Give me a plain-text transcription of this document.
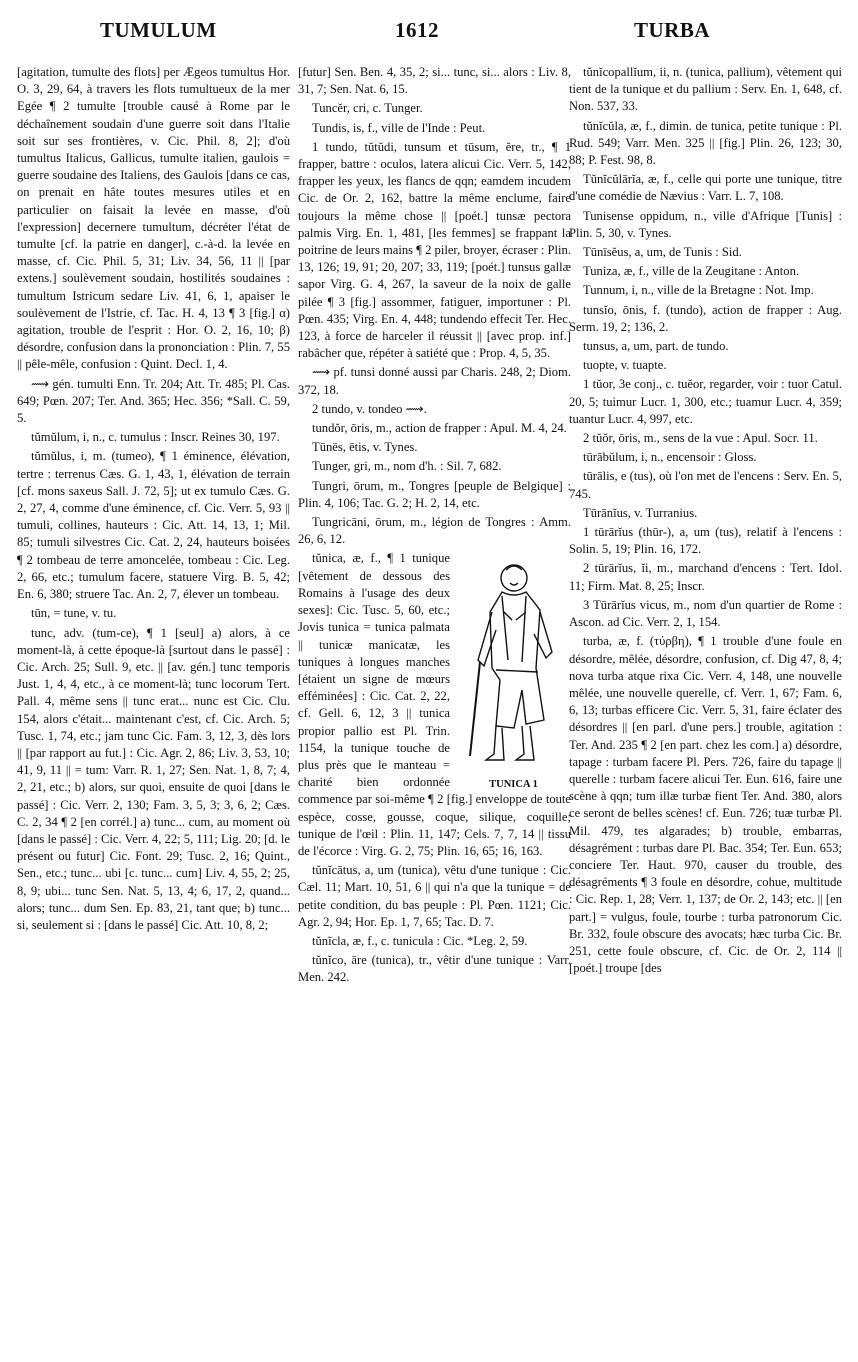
TUMULUM	1612	TURBA

[agitation, tumulte des flots] per Ægeos tumultus Hor. O. 3, 29, 64, à travers les flots tumultueux de la mer Egée ¶ 2 tumulte [trouble causé à Rome par le déchaînement soudain d'une guerre soit dans l'Italie soit sur ses frontières, v. Cic. Phil. 8, 2]; d'où tumultus Italicus, Gallicus, tumulte italien, gaulois = guerre soudaine des Italiens, des Gaulois [dans ce cas, on prenait en hâte toutes mesures utiles et en particulier on faisait la levée en masse, d'où l'expression] decernere tumultum, décréter l'état de tumulte [cf. la patrie en danger], c.-à-d. la levée en masse, cf. Cic. Phil. 5, 31; Liv. 34, 56, 11 || [par extens.] soulèvement soudain, hostilités soudaines : tumultum Istricum sedare Liv. 41, 6, 1, apaiser le soulèvement de l'Istrie, cf. Tac. H. 4, 13 ¶ 3 [fig.] α) agitation, trouble de l'esprit : Hor. O. 2, 16, 10; β) désordre, confusion dans la prononciation : Plin. 7, 55 || pêle-mêle, confusion : Quint. Decl. 1, 4.

⟿ gén. tumulti Enn. Tr. 204; Att. Tr. 485; Pl. Cas. 649; Pœn. 207; Ter. And. 365; Hec. 356; *Sall. C. 59, 5.

tŭmŭlum, i, n., c. tumulus : Inscr. Reines 30, 197.

tŭmŭlus, i, m. (tumeo), ¶ 1 éminence, élévation, tertre : terrenus Cæs. G. 1, 43, 1, élévation de terrain [cf. mons saxeus Sall. J. 72, 5]; ut ex tumulo Cæs. G. 2, 27, 4, comme d'une éminence, cf. Cic. Verr. 5, 93 || tumuli, collines, hauteurs : Cic. Att. 14, 13, 1; Mil. 85; tumuli silvestres Cic. Cat. 2, 24, hauteurs boisées ¶ 2 tombeau de terre amoncelée, tombeau : Cic. Leg. 2, 66, etc.; tumulum facere, statuere Virg. B. 5, 42; En. 6, 380; struere Tac. An. 2, 7, élever un tombeau.

tūn, = tune, v. tu.

tunc, adv. (tum-ce), ¶ 1 [seul] a) alors, à ce moment-là, à cette époque-là [surtout dans le passé] : Cic. Arch. 25; Sull. 9, etc. || [av. gén.] tunc temporis Just. 1, 4, 4, etc., à ce moment-là; tunc locorum Tert. Pall. 4, même sens || tunc erat... nunc est Cic. Clu. 154, alors c'était... maintenant c'est, cf. Cic. Arch. 5; Tusc. 1, 74, etc.; jam tunc Cic. Fam. 3, 12, 3, dès lors || [par rapport au fut.] : Cic. Agr. 2, 86; Liv. 3, 53, 10; 41, 9, 11 || = tum: Varr. R. 1, 27; Sen. Nat. 1, 8, 7; 4, 2, 21, etc.; b) alors, sur quoi, ensuite de quoi [dans le passé] : Cic. Verr. 2, 130; Fam. 3, 5, 3; 3, 6, 2; Cæs. C. 2, 34 ¶ 2 [en corrél.] a) tunc... cum, au moment où [dans le passé] : Cic. Verr. 4, 22; 5, 111; Lig. 20; [d. le présent ou futur] Cic. Font. 29; Tusc. 2, 16; Quint., Sen., etc.; tunc... ubi [c. tunc... cum] Liv. 4, 55, 2; 25, 8, 9; ubi... tunc Sen. Nat. 5, 13, 4; 6, 17, 2, quand... alors; tunc... dum Sen. Ep. 83, 21, tant que; b) tunc... si, seulement si : [dans le passé] Cic. Att. 10, 8, 2;

[futur] Sen. Ben. 4, 35, 2; si... tunc, si... alors : Liv. 8, 31, 7; Sen. Nat. 6, 15.

Tuncĕr, cri, c. Tunger.

Tundis, is, f., ville de l'Inde : Peut.

1 tundo, tŭtŭdi, tunsum et tūsum, ĕre, tr., ¶ 1 frapper, battre : oculos, latera alicui Cic. Verr. 5, 142, frapper les yeux, les flancs de qqn; eamdem incudem Cic. de Or. 2, 162, battre la même enclume, faire toujours la même chose || [poét.] tunsæ pectora palmis Virg. En. 1, 481, [les femmes] se frappant la poitrine de leurs mains ¶ 2 piler, broyer, écraser : Plin. 13, 126; 19, 91; 20, 207; 33, 119; [poét.] tunsus gallæ sapor Virg. G. 4, 267, la saveur de la noix de galle pilée ¶ 3 [fig.] assommer, fatiguer, importuner : Pl. Pœn. 435; Virg. En. 4, 448; tundendo effecit Ter. Hec. 123, à force de harceler il réussit || [avec prop. inf.] rabâcher que, répéter à satiété que : Prop. 4, 5, 35.

⟿ pf. tunsi donné aussi par Charis. 248, 2; Diom. 372, 18.

2 tundo, v. tondeo ⟿.

tundŏr, ōris, m., action de frapper : Apul. M. 4, 24.

Tūnēs, ētis, v. Tynes.

Tunger, gri, m., nom d'h. : Sil. 7, 682.

Tungri, ōrum, m., Tongres [peuple de Belgique] : Plin. 4, 106; Tac. G. 2; H. 2, 14, etc.

Tungricāni, ōrum, m., légion de Tongres : Amm. 26, 6, 12.

TUNICA 1

tŭnica, æ, f., ¶ 1 tunique [vêtement de dessous des Romains à l'usage des deux sexes]: Cic. Tusc. 5, 60, etc.; Jovis tunica = tunica palmata || tunicæ manicatæ, les tuniques à longues manches [étaient un signe de mœurs efféminées] : Cic. Cat. 2, 22, cf. Gell. 6, 12, 3 || tunica propior pallio est Pl. Trin. 1154, la tunique touche de plus près que le manteau = charité bien ordonnée commence par soi-même ¶ 2 [fig.] enveloppe de toute espèce, cosse, gousse, coque, silique, coquille; tunique de l'œil : Plin. 11, 147; Cels. 7, 7, 14 || tissu de l'écorce : Virg. G. 2, 75; Plin. 16, 65; 16, 163.

tŭnĭcātus, a, um (tunica), vêtu d'une tunique : Cic. Cæl. 11; Mart. 10, 51, 6 || qui n'a que la tunique = de petite condition, du bas peuple : Pl. Pœn. 1121; Cic. Agr. 2, 94; Hor. Ep. 1, 7, 65; Tac. D. 7.

tŭnĭcla, æ, f., c. tunicula : Cic. *Leg. 2, 59.

tŭnĭco, āre (tunica), tr., vêtir d'une tunique : Varr. Men. 242.

tŭnĭcopallĭum, ii, n. (tunica, pallium), vêtement qui tient de la tunique et du pallium : Serv. En. 1, 648, cf. Non. 537, 33.

tŭnĭcŭla, æ, f., dimin. de tunica, petite tunique : Pl. Rud. 549; Varr. Men. 325 || [fig.] Plin. 26, 123; 30, 88; P. Fest. 98, 8.

Tŭnĭcŭlārĭa, æ, f., celle qui porte une tunique, titre d'une comédie de Nævius : Varr. L. 7, 108.

Tunisense oppidum, n., ville d'Afrique [Tunis] : Plin. 5, 30, v. Tynes.

Tūnīsĕus, a, um, de Tunis : Sid.

Tuniza, æ, f., ville de la Zeugitane : Anton.

Tunnum, i, n., ville de la Bretagne : Not. Imp.

tunsĭo, ōnis, f. (tundo), action de frapper : Aug. Serm. 19, 2; 136, 2.

tunsus, a, um, part. de tundo.

tuopte, v. tuapte.

1 tŭor, 3e conj., c. tuĕor, regarder, voir : tuor Catul. 20, 5; tuimur Lucr. 1, 300, etc.; tuamur Lucr. 4, 359; tuantur Lucr. 4, 997, etc.

2 tŭŏr, ōris, m., sens de la vue : Apul. Socr. 11.

tūrābŭlum, i, n., encensoir : Gloss.

tūrālis, e (tus), où l'on met de l'encens : Serv. En. 5, 745.

Tūrānĭus, v. Turranius.

1 tūrārĭus (thūr-), a, um (tus), relatif à l'encens : Solin. 5, 19; Plin. 16, 172.

2 tūrārĭus, ĭi, m., marchand d'encens : Tert. Idol. 11; Firm. Mat. 8, 25; Inscr.

3 Tūrārĭus vicus, m., nom d'un quartier de Rome : Ascon. ad Cic. Verr. 2, 1, 154.

turba, æ, f. (τύρβη), ¶ 1 trouble d'une foule en désordre, mêlée, désordre, confusion, cf. Dig 47, 8, 4; nova turba atque rixa Cic. Verr. 4, 148, une nouvelle mêlée, une nouvelle querelle, cf. Verr. 1, 67; Fam. 6, 6, 13; turbas efficere Cic. Verr. 5, 31, faire éclater des désordres || [en parl. d'une pers.] trouble, agitation : Ter. And. 235 ¶ 2 [en part. chez les com.] a) désordre, tapage : turbam facere Pl. Pers. 726, faire du tapage || querelle : turbam facere alicui Ter. Eun. 616, faire une scène à qqn; tum illæ turbæ fient Ter. And. 380, alors ce seront de belles scènes! cf. Eun. 726; tuæ turbæ Pl. Mil. 479, tes algarades; b) trouble, embarras, désagrément : turbas dare Pl. Bac. 354; Ter. Eun. 653; conciere Ter. Haut. 970, causer du trouble, des désagréments ¶ 3 foule en désordre, cohue, multitude : Cic. Rep. 1, 28; Verr. 1, 137; de Or. 2, 143; etc. || [en part.] = vulgus, foule, tourbe : turba patronorum Cic. Br. 332, foule obscure des avocats; hæc turba Cic. Br. 251, cette foule obscure, cf. Cic. de Or. 2, 114 || [poét.] troupe [des
